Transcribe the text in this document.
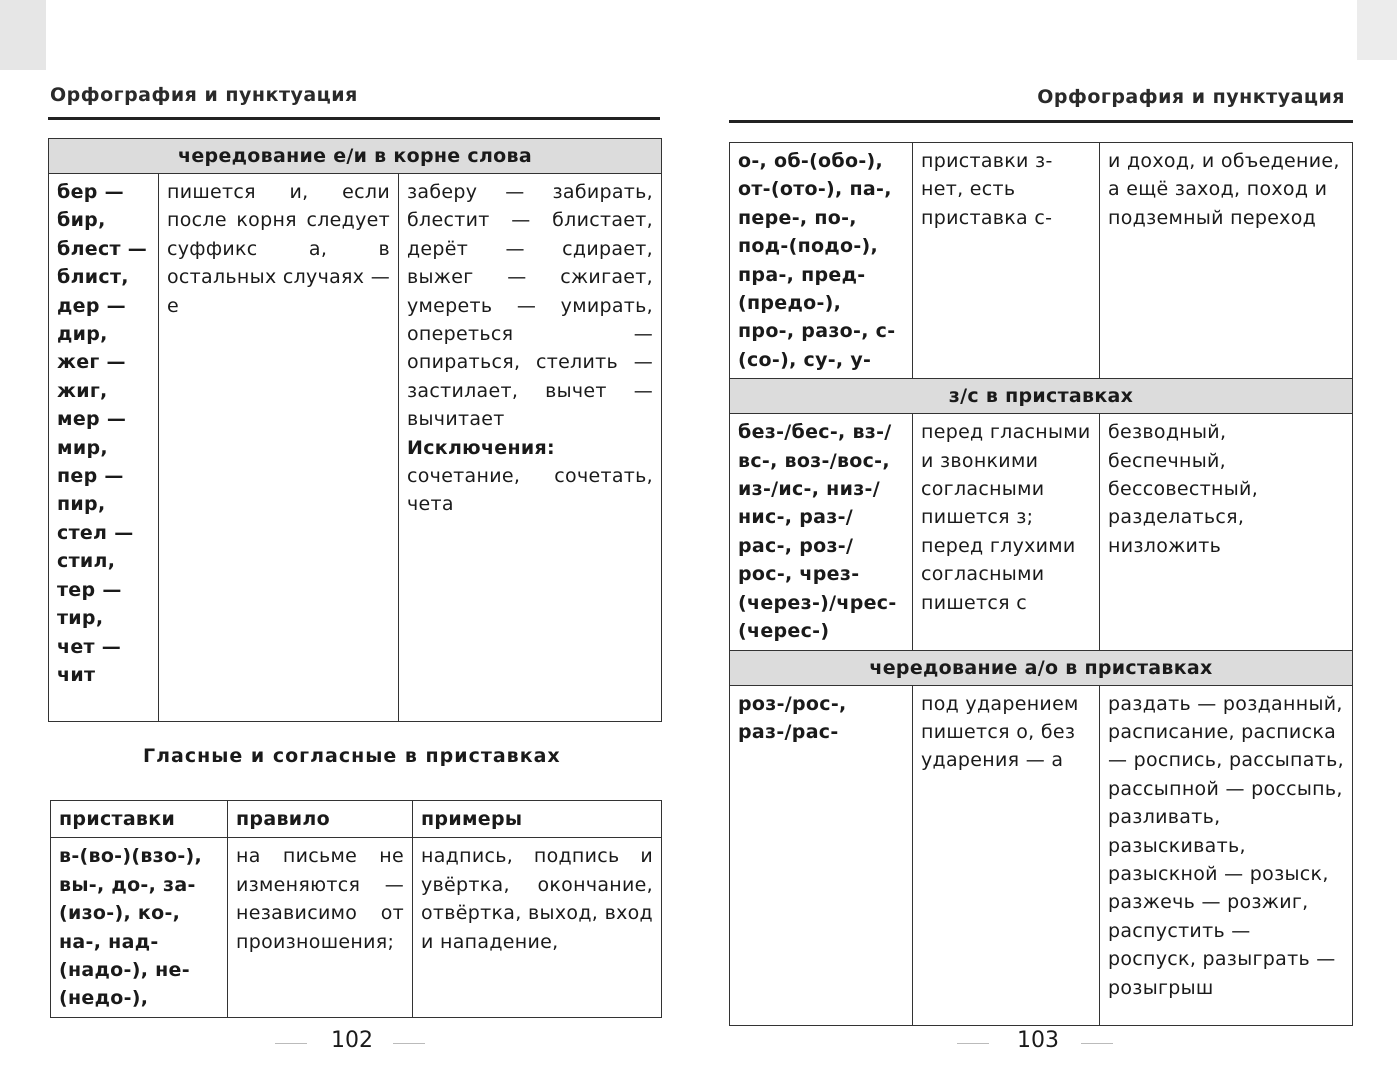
Орфография и пунктуация
чередование е/и в корне слова
бер —
бир,
блест —
блист,
дер —
дир,
жег —
жиг,
мер —
мир,
пер —
пир,
стел —
стил,
тер —
тир,
чет —
чит	пишется и, если после корня следует суффикс а, в остальных случаях — е	заберу — забирать, блестит — блистает, дерёт — сдирает, выжег — сжигает, умереть — умирать, опереться — опираться, стелить — застилает, вычет — вычитает
Исключения: сочетание, сочетать, чета
Гласные и согласные в приставках
приставки	правило	примеры
в-(во-)(взо-), вы-, до-, за-(изо-), ко-, на-, над-(надо-), не-(недо-),	на письме не изменяются — независимо от произношения;	надпись, подпись и увёртка, окончание, отвёртка, выход, вход и нападение,
102
Орфография и пунктуация
о-, об-(обо-), от-(ото-), па-, пере-, по-, под-(подо-), пра-, пред-(предо-), про-, разо-, с-(со-), су-, у-	приставки з- нет, есть приставка с-	и доход, и объедение, а ещё заход, поход и подземный переход
з/с в приставках		
без-/бес-, вз-/вс-, воз-/вос-, из-/ис-, низ-/нис-, раз-/рас-, роз-/рос-, чрез-(через-)/чрес-(черес-)	перед гласными и звонкими согласными пишется з;
перед глухими согласными пишется с	безводный, беспечный, бессовестный, разделаться, низложить
чередование а/о в приставках		
роз-/рос-, раз-/рас-	под ударением пишется о, без ударения — а	раздать — розданный, расписание, расписка — роспись, рассыпать, рассыпной — россыпь, разливать, разыскивать, разыскной — розыск, разжечь — розжиг, распустить — роспуск, разыграть — розыгрыш
103
